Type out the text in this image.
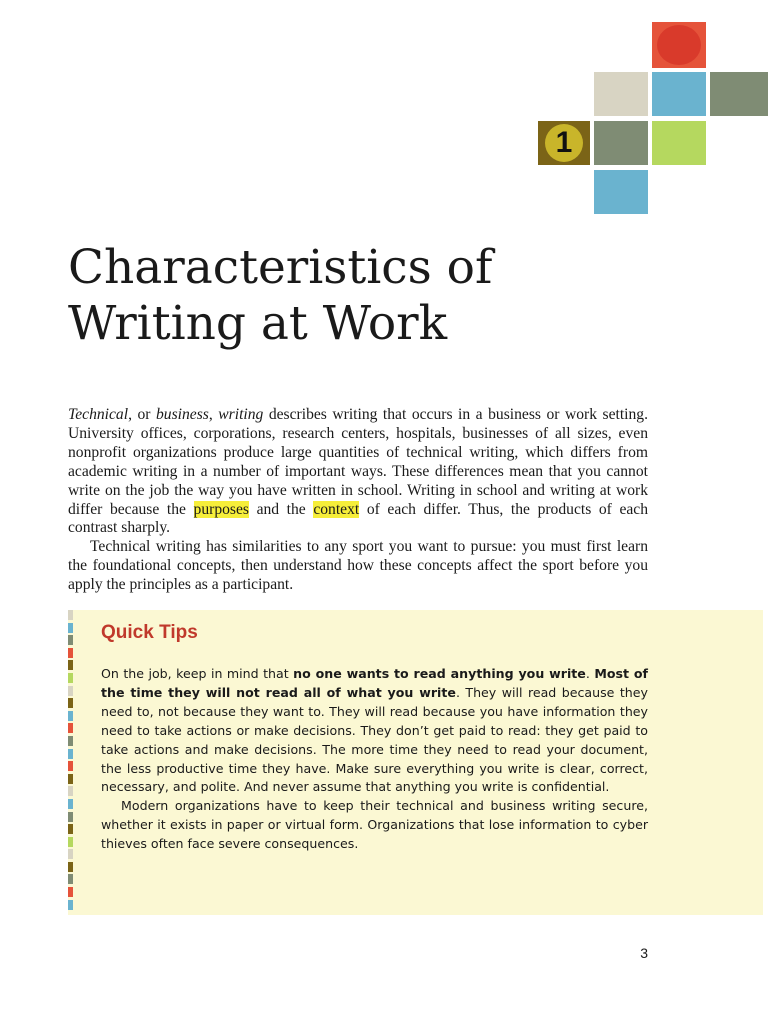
1
Characteristics of
Writing at Work

Technical, or business, writing describes writing that occurs in a business or work setting. University offices, corporations, research centers, hospitals, businesses of all sizes, even nonprofit organizations produce large quantities of technical writing, which differs from academic writing in a number of important ways. These differences mean that you cannot write on the job the way you have written in school. Writing in school and writing at work differ because the purposes and the context of each differ. Thus, the products of each contrast sharply.

Technical writing has similarities to any sport you want to pursue: you must first learn the foundational concepts, then understand how these concepts affect the sport before you apply the principles as a participant.

Quick Tips

On the job, keep in mind that no one wants to read anything you write. Most of the time they will not read all of what you write. They will read because they need to, not because they want to. They will read because you have information they need to take actions or make decisions. They don’t get paid to read: they get paid to take actions and make decisions. The more time they need to read your document, the less productive time they have. Make sure everything you write is clear, correct, necessary, and polite. And never assume that anything you write is confidential.

Modern organizations have to keep their technical and business writing secure, whether it exists in paper or virtual form. Organizations that lose information to cyber thieves often face severe consequences.

3
